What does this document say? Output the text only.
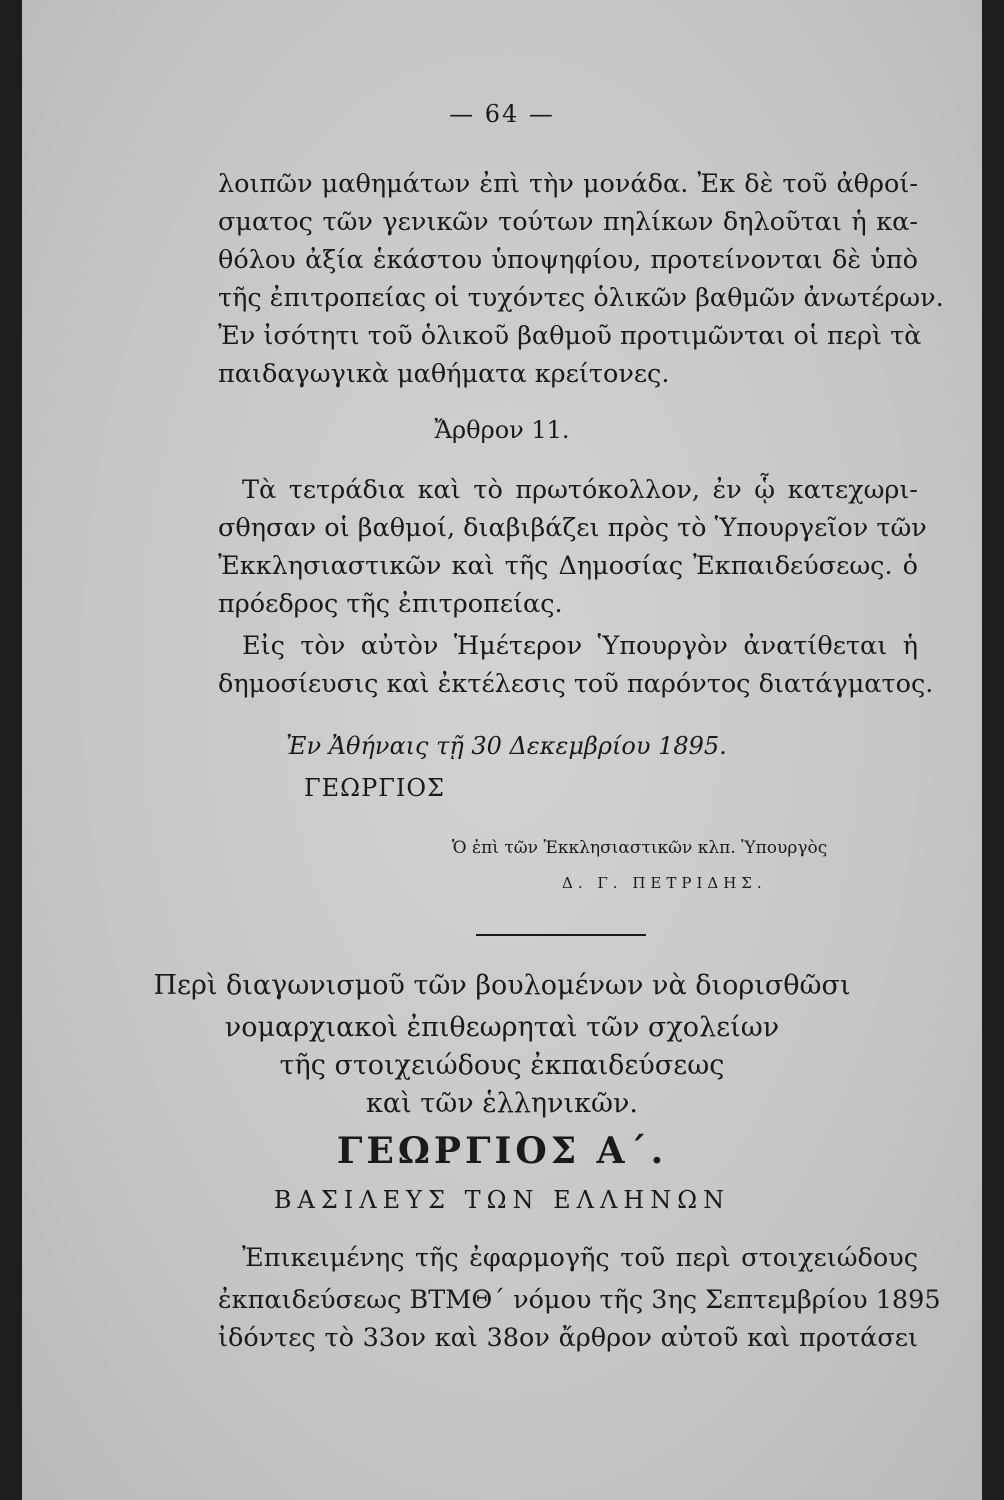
— 64 —
λοιπῶν μαθημάτων ἐπὶ τὴν μονάδα. Ἐκ δὲ τοῦ ἀθροί-
σματος τῶν γενικῶν τούτων πηλίκων δηλοῦται ἡ κα-
θόλου ἀξία ἑκάστου ὑποψηφίου, προτείνονται δὲ ὑπὸ
τῆς ἐπιτροπείας οἱ τυχόντες ὁλικῶν βαθμῶν ἀνωτέρων.
Ἐν ἰσότητι τοῦ ὁλικοῦ βαθμοῦ προτιμῶνται οἱ περὶ τὰ
παιδαγωγικὰ μαθήματα κρείτονες.
Ἄρθρον 11.
Τὰ τετράδια καὶ τὸ πρωτόκολλον, ἐν ᾧ κατεχωρι-
σθησαν οἱ βαθμοί, διαβιβάζει πρὸς τὸ Ὑπουργεῖον τῶν
Ἐκκλησιαστικῶν καὶ τῆς Δημοσίας Ἐκπαιδεύσεως. ὁ
πρόεδρος τῆς ἐπιτροπείας.
Εἰς τὸν αὐτὸν Ἡμέτερον Ὑπουργὸν ἀνατίθεται ἡ
δημοσίευσις καὶ ἐκτέλεσις τοῦ παρόντος διατάγματος.
Ἐν Ἀθήναις τῇ 30 Δεκεμβρίου 1895.
ΓΕΩΡΓΙΟΣ
Ὁ ἐπὶ τῶν Ἐκκλησιαστικῶν κλπ. Ὑπουργὸς
Δ. Γ. ΠΕΤΡΙΔΗΣ.
Περὶ διαγωνισμοῦ τῶν βουλομένων νὰ διορισθῶσι
νομαρχιακοὶ ἐπιθεωρηταὶ τῶν σχολείων
τῆς στοιχειώδους ἐκπαιδεύσεως
καὶ τῶν ἑλληνικῶν.
ΓΕΩΡΓΙΟΣ Α΄.
ΒΑΣΙΛΕΥΣ ΤΩΝ ΕΛΛΗΝΩΝ
Ἐπικειμένης τῆς ἐφαρμογῆς τοῦ περὶ στοιχειώδους
ἐκπαιδεύσεως ΒΤΜΘ΄ νόμου τῆς 3ης Σεπτεμβρίου 1895
ἰδόντες τὸ 33ον καὶ 38ον ἄρθρον αὐτοῦ καὶ προτάσει
